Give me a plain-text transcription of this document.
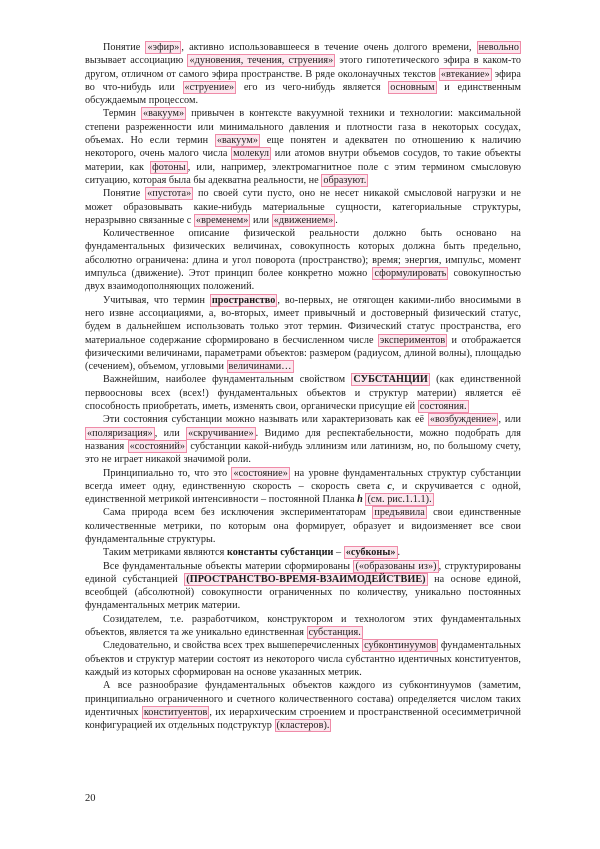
Понятие «эфир» , активно использовавшееся в течение очень долгого времени, невольно вызывает ассоциацию «дуновения, течения, струения» этого гипотетического эфира в каком-то другом, отличном от самого эфира пространстве. В ряде околонаучных текстов «втекание» эфира во что-нибудь или «струение» его из чего-нибудь является основным и единственным обсуждаемым процессом.

Термин «вакуум» привычен в контексте вакуумной техники и технологии: максимальной степени разреженности или минимального давления и плотности газа в некоторых сосудах, объемах. Но если термин «вакуум» еще понятен и адекватен по отношению к наличию некоторого, очень малого числа молекул или атомов внутри объемов сосудов, то такие объекты материи, как фотоны , или, например, электромагнитное поле с этим термином смысловую ситуацию, которая была бы адекватна реальности, не образуют.

Понятие «пустота» по своей сути пусто, оно не несет никакой смысловой нагрузки и не может образовывать какие-нибудь материальные сущности, категориальные структуры, неразрывно связанные с «временем» или «движением» .

Количественное описание физической реальности должно быть основано на фундаментальных физических величинах, совокупность которых должна быть предельно, абсолютно ограничена: длина и угол поворота (пространство); время; энергия, импульс, момент импульса (движение). Этот принцип более конкретно можно сформулировать совокупностью двух взаимодополняющих положений.

Учитывая, что термин пространство , во-первых, не отягощен какими-либо вносимыми в него извне ассоциациями, а, во-вторых, имеет привычный и достоверный физический статус, будем в дальнейшем использовать только этот термин. Физический статус пространства, его материальное содержание сформировано в бесчисленном числе экспериментов и отображается физическими величинами, параметрами объектов: размером (радиусом, длиной волны), площадью (сечением), объемом, угловыми величинами…

Важнейшим, наиболее фундаментальным свойством СУБСТАНЦИИ (как единственной первоосновы всех (всех!) фундаментальных объектов и структур материи) является её способность приобретать, иметь, изменять свои, органически присущие ей состояния.

Эти состояния субстанции можно называть или характеризовать как её «возбуждение» , или «поляризация» , или «скручивание» . Видимо для респектабельности, можно подобрать для названия «состояний» субстанции какой-нибудь эллинизм или латинизм, но, по большому счету, это не играет никакой значимой роли.

Принципиально то, что это «состояние» на уровне фундаментальных структур субстанции всегда имеет одну, единственную скорость – скорость света с, и скручивается с одной, единственной метрикой интенсивности – постоянной Планка h (см. рис.1.1.1).

Сама природа всем без исключения экспериментаторам предъявила свои единственные количественные метрики, по которым она формирует, образует и видоизменяет все свои фундаментальные структуры.

Таким метриками являются константы субстанции – «субконы» .

Все фундаментальные объекты материи сформированы («образованы из») , структурированы единой субстанцией (ПРОСТРАНСТВО-ВРЕМЯ-ВЗАИМОДЕЙСТВИЕ) на основе единой, всеобщей (абсолютной) совокупности ограниченных по количеству, уникально постоянных фундаментальных метрик материи.

Созидателем, т.е. разработчиком, конструктором и технологом этих фундаментальных объектов, является та же уникально единственная субстанция.

Следовательно, и свойства всех трех вышеперечисленных субконтинуумов фундаментальных объектов и структур материи состоят из некоторого числа субстантно идентичных конституентов, каждый из которых сформирован на основе указанных метрик.

А все разнообразие фундаментальных объектов каждого из субконтинуумов (заметим, принципиально ограниченного и счетного количественного состава) определяется числом таких идентичных конституентов , их иерархическим строением и пространственной осесимметричной конфигурацией их отдельных подструктур (кластеров).

20
